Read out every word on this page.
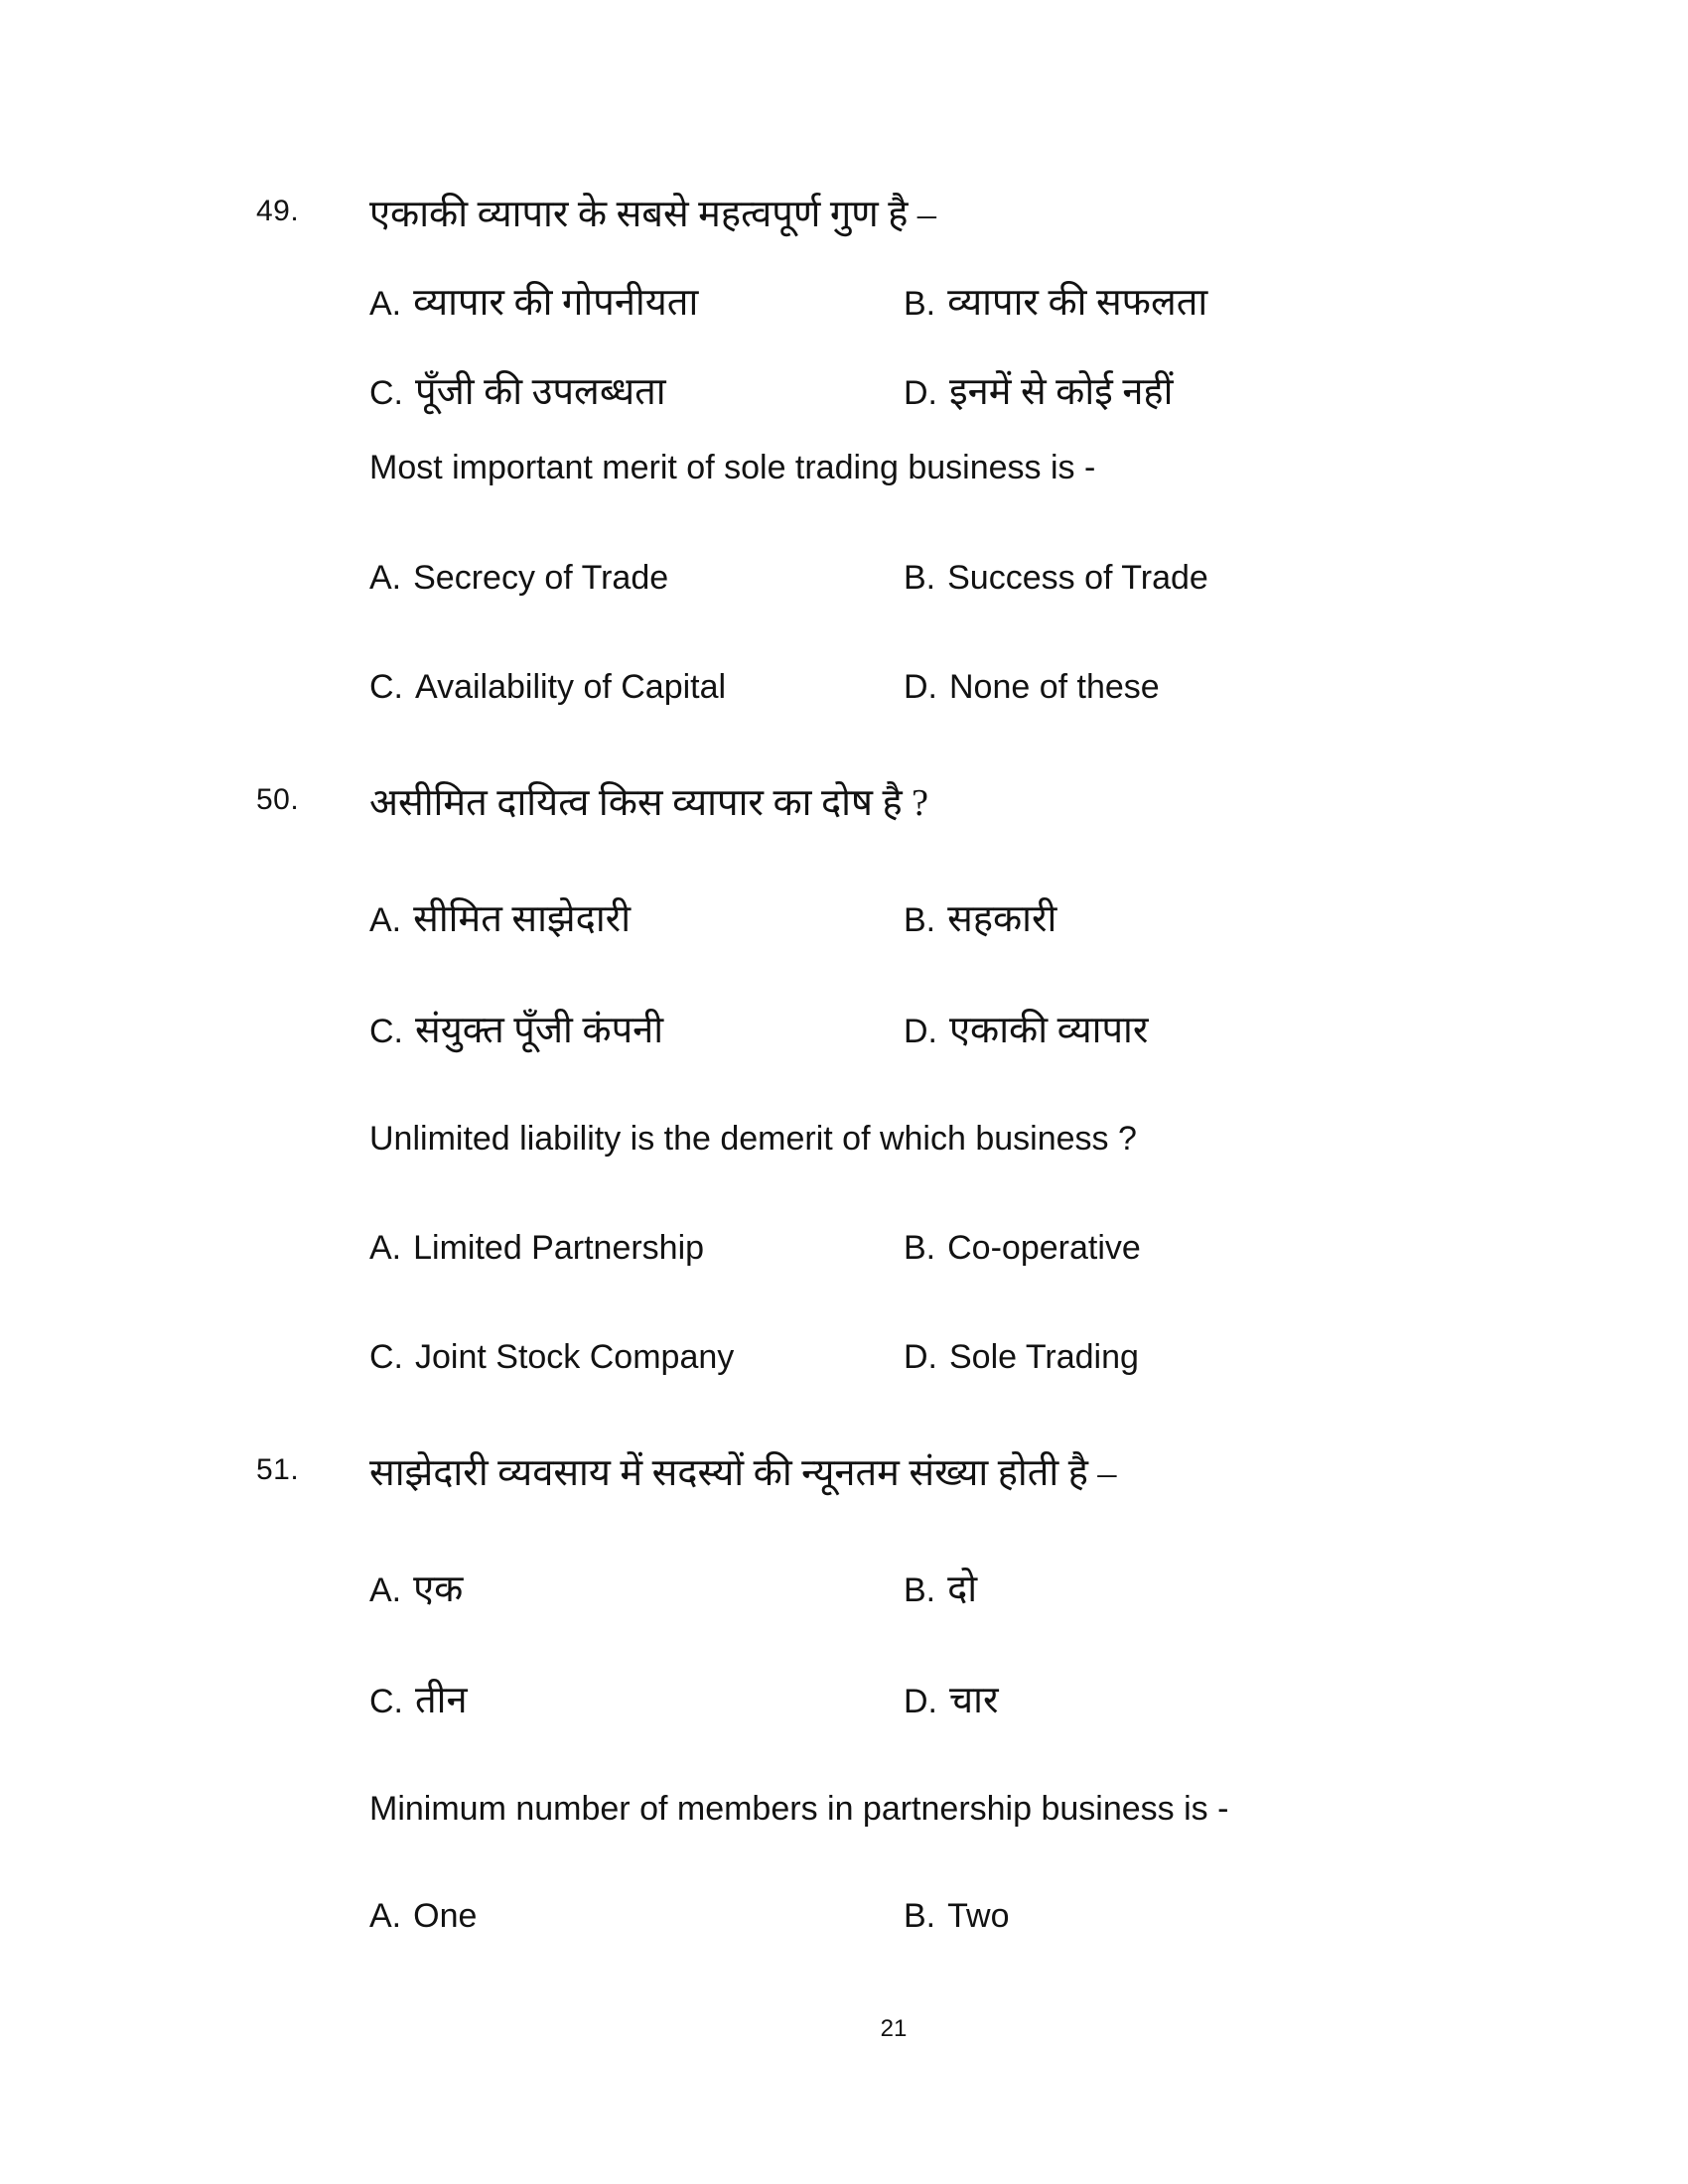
49. एकाकी व्यापार के सबसे महत्वपूर्ण गुण है –
A. व्यापार की गोपनीयता	B. व्यापार की सफलता
C. पूँजी की उपलब्धता	D. इनमें से कोई नहीं
Most important merit of sole trading business is -
A. Secrecy of Trade	B. Success of Trade
C. Availability of Capital	D. None of these
50. असीमित दायित्व किस व्यापार का दोष है ?
A. सीमित साझेदारी	B. सहकारी
C. संयुक्त पूँजी कंपनी	D. एकाकी व्यापार
Unlimited liability is the demerit of which business ?
A. Limited Partnership	B. Co-operative
C. Joint Stock Company	D. Sole Trading
51. साझेदारी व्यवसाय में सदस्यों की न्यूनतम संख्या होती है –
A. एक	B. दो
C. तीन	D. चार
Minimum number of members in partnership business is -
A. One	B. Two
21
